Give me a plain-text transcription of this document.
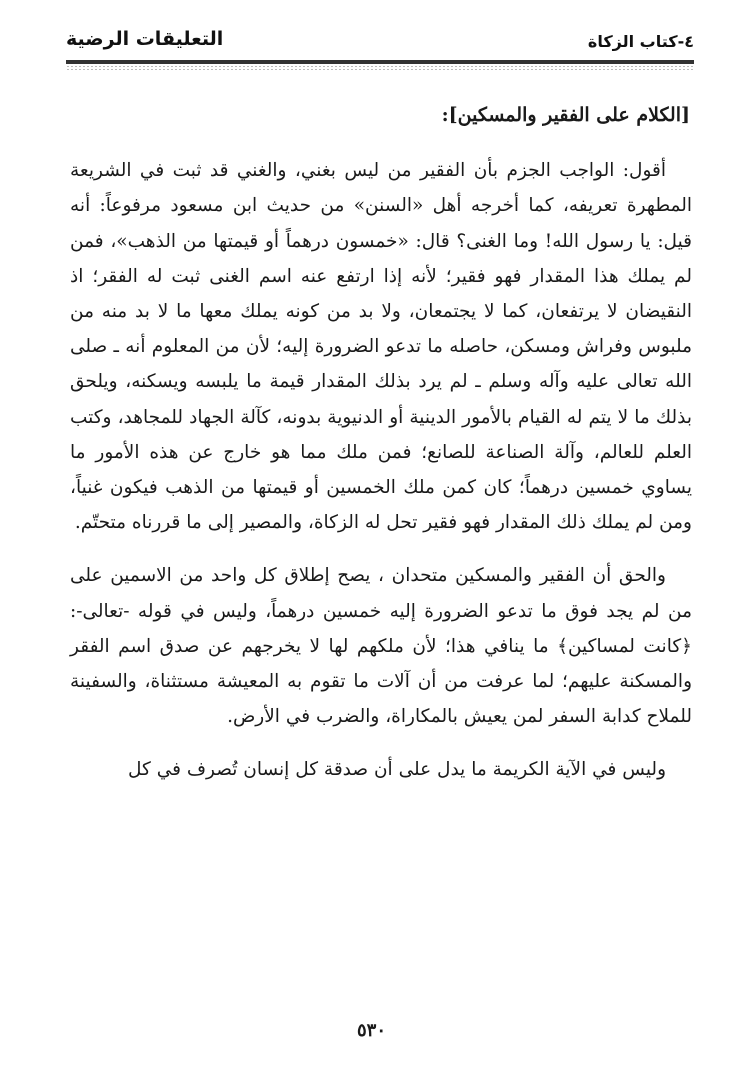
التعليقات الرضية	٤-كتاب الزكاة
[الكلام على الفقير والمسكين]:

أقول: الواجب الجزم بأن الفقير من ليس بغني، والغني قد ثبت في الشريعة المطهرة تعريفه، كما أخرجه أهل «السنن» من حديث ابن مسعود مرفوعاً: أنه قيل: يا رسول الله! وما الغنى؟ قال: «خمسون درهماً أو قيمتها من الذهب»، فمن لم يملك هذا المقدار فهو فقير؛ لأنه إذا ارتفع عنه اسم الغنى ثبت له الفقر؛ اذ النقيضان لا يرتفعان، كما لا يجتمعان، ولا بد من كونه يملك معها ما لا بد منه من ملبوس وفراش ومسكن، حاصله ما تدعو الضرورة إليه؛ لأن من المعلوم أنه ـ صلى الله تعالى عليه وآله وسلم ـ لم يرد بذلك المقدار قيمة ما يلبسه ويسكنه، ويلحق بذلك ما لا يتم له القيام بالأمور الدينية أو الدنيوية بدونه، كآلة الجهاد للمجاهد، وكتب العلم للعالم، وآلة الصناعة للصانع؛ فمن ملك مما هو خارج عن هذه الأمور ما يساوي خمسين درهماً؛ كان كمن ملك الخمسين أو قيمتها من الذهب فيكون غنياً، ومن لم يملك ذلك المقدار فهو فقير تحل له الزكاة، والمصير إلى ما قررناه متحتّم.

والحق أن الفقير والمسكين متحدان ، يصح إطلاق كل واحد من الاسمين على من لم يجد فوق ما تدعو الضرورة إليه خمسين درهماً، وليس في قوله -تعالى-: ﴿كانت لمساكين﴾ ما ينافي هذا؛ لأن ملكهم لها لا يخرجهم عن صدق اسم الفقر والمسكنة عليهم؛ لما عرفت من أن آلات ما تقوم به المعيشة مستثناة، والسفينة للملاح كدابة السفر لمن يعيش بالمكاراة، والضرب في الأرض.

وليس في الآية الكريمة ما يدل على أن صدقة كل إنسان تُصرف في كل

٥٣٠
